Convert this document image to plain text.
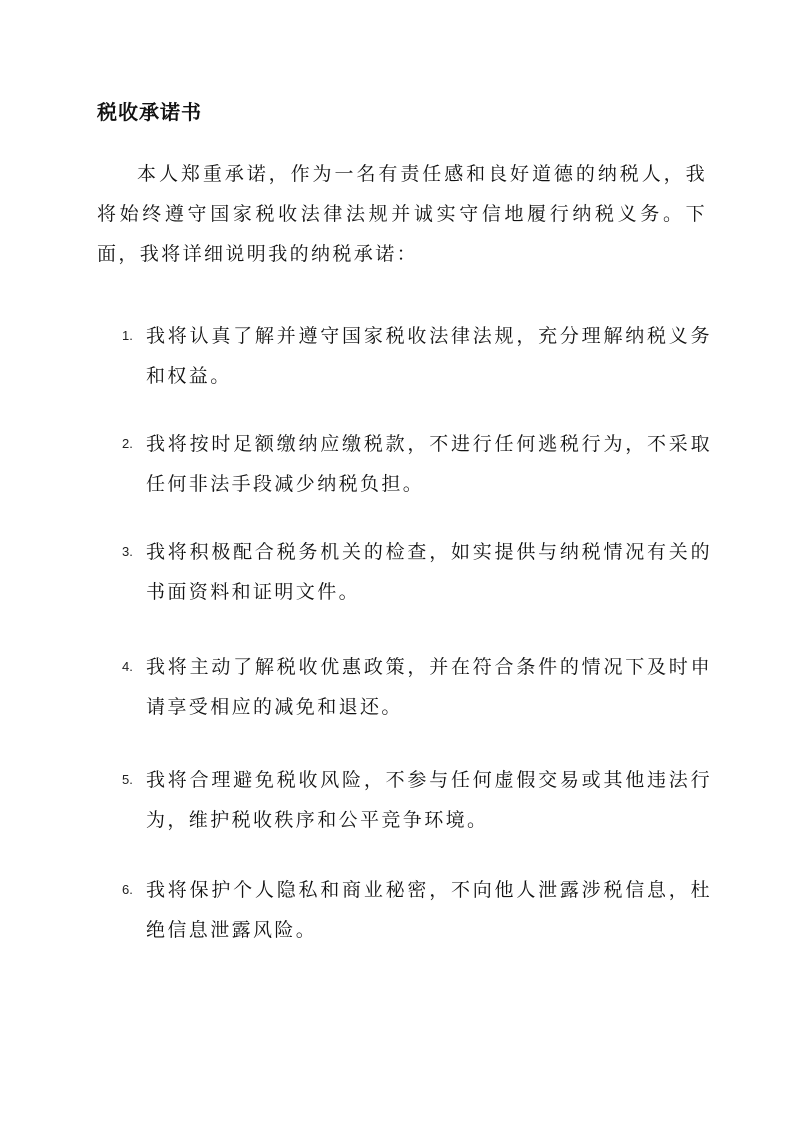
税收承诺书

本人郑重承诺，作为一名有责任感和良好道德的纳税人，我将始终遵守国家税收法律法规并诚实守信地履行纳税义务。下面，我将详细说明我的纳税承诺：

1. 我将认真了解并遵守国家税收法律法规，充分理解纳税义务和权益。

2. 我将按时足额缴纳应缴税款，不进行任何逃税行为，不采取任何非法手段减少纳税负担。

3. 我将积极配合税务机关的检查，如实提供与纳税情况有关的书面资料和证明文件。

4. 我将主动了解税收优惠政策，并在符合条件的情况下及时申请享受相应的减免和退还。

5. 我将合理避免税收风险，不参与任何虚假交易或其他违法行为，维护税收秩序和公平竞争环境。

6. 我将保护个人隐私和商业秘密，不向他人泄露涉税信息，杜绝信息泄露风险。
